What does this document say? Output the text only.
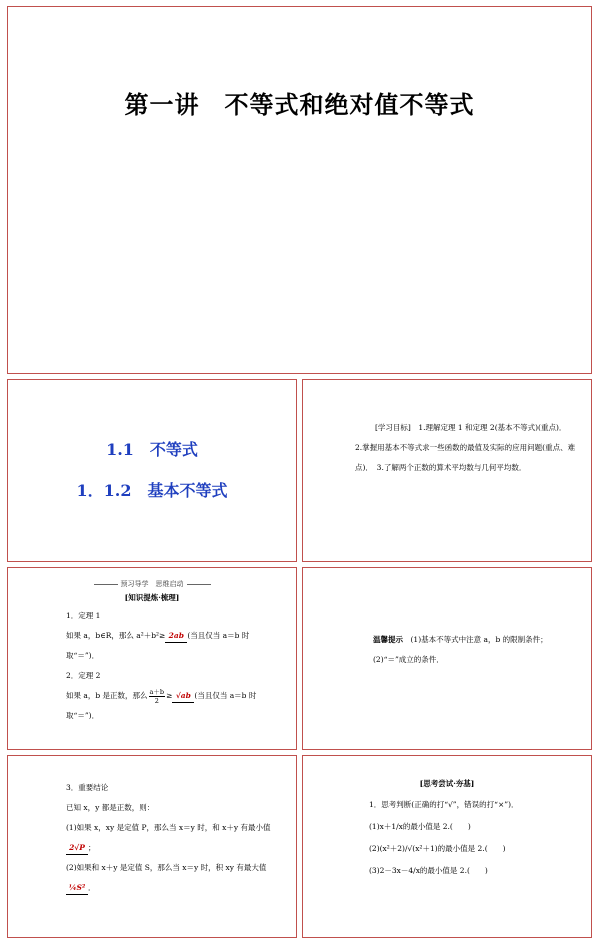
第一讲　不等式和绝对值不等式
1.1　不等式
1．1.2　基本不等式

[学习目标]　1.理解定理 1 和定理 2(基本不等式)(重点)．　2.掌握用基本不等式求一些函数的最值及实际的应用问题(重点、难点)．　3.了解两个正数的算术平均数与几何平均数．

预习导学　思维启动
[知识提炼·梳理]

1．定理 1

如果 a，b∈R，那么 a²＋b²≥ 2ab (当且仅当 a＝b 时取“＝”)．

2．定理 2

如果 a，b 是正数，那么 $\frac{a+b}{2} \ge √ab$ (当且仅当 a＝b 时取“＝”)．

温馨提示　 (1)基本不等式中注意 a，b 的限制条件；

(2)“＝”成立的条件．

3．重要结论

已知 x，y 都是正数，则：

(1)如果 x，xy 是定值 P，那么当 x＝y 时，和 x＋y 有最小值2√P ；

(2)如果和 x＋y 是定值 S，那么当 x＝y 时，积 xy 有最大值¼S² ．

[思考尝试·夯基]

1．思考判断(正确的打“√”，错误的打“×”)．

(1)x＋1/x的最小值是 2.(　　)

(2)(x²＋2)/√(x²＋1)的最小值是 2.(　　)

(3)2－3x－4/x的最小值是 2.(　　)
